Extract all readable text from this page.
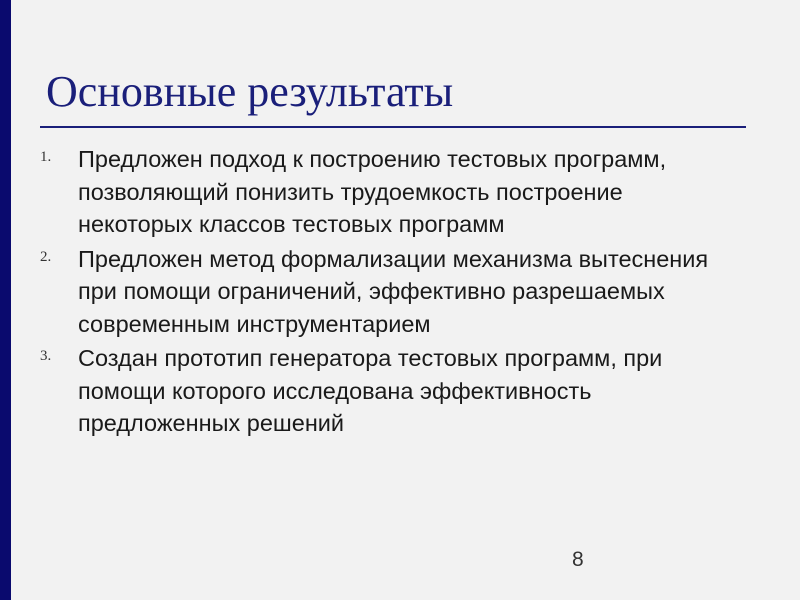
Основные результаты
1.	Предложен подход к построению тестовых программ, позволяющий понизить трудоемкость построение некоторых классов тестовых программ
2.	Предложен метод формализации механизма вытеснения при помощи ограничений, эффективно разрешаемых современным инструментарием
3.	Создан прототип генератора тестовых программ, при помощи которого исследована эффективность предложенных решений
8
